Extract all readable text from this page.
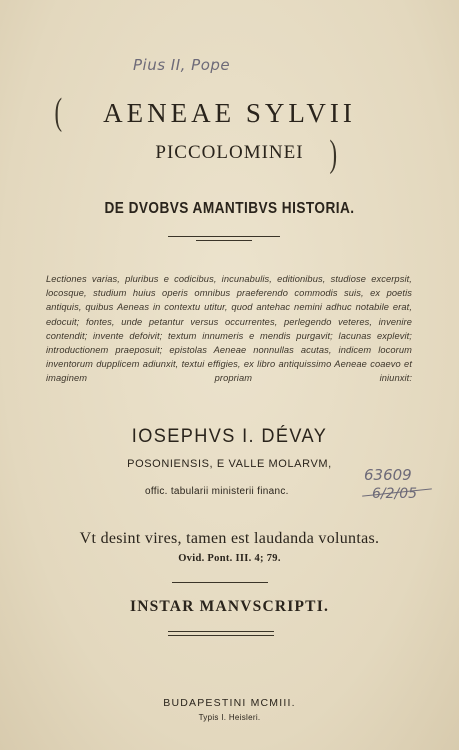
Pius II, Pope
(	AENEAE SYLVII
PICCOLOMINEI )
DE DVOBVS AMANTIBVS HISTORIA.
Lectiones varias, pluribus e codicibus, incunabulis, editionibus, studiose excerpsit, locosque, studium huius operis omnibus praeferendo commodis suis, ex poetis antiquis, quibus Aeneas in contextu utitur, quod antehac nemini adhuc notabile erat, edocuit; fontes, unde petantur versus occurrentes, perlegendo veteres, invenire contendit; invente defoivit; textum innumeris e mendis purgavit; lacunas explevit; introductionem praeposuit; epistolas Aeneae nonnullas acutas, indicem locorum inventorum dupplicem adiunxit, textui effigies, ex libro antiquissimo Aeneae coaevo et imaginem propriam iniunxit:
IOSEPHVS I. DÉVAY
POSONIENSIS, E VALLE MOLARVM,
offic. tabularii ministerii financ.
63609
6/2/05
Vt desint vires, tamen est laudanda voluntas.
Ovid. Pont. III. 4; 79.
INSTAR MANVSCRIPTI.
BUDAPESTINI MCMIII.
Typis I. Heisleri.
